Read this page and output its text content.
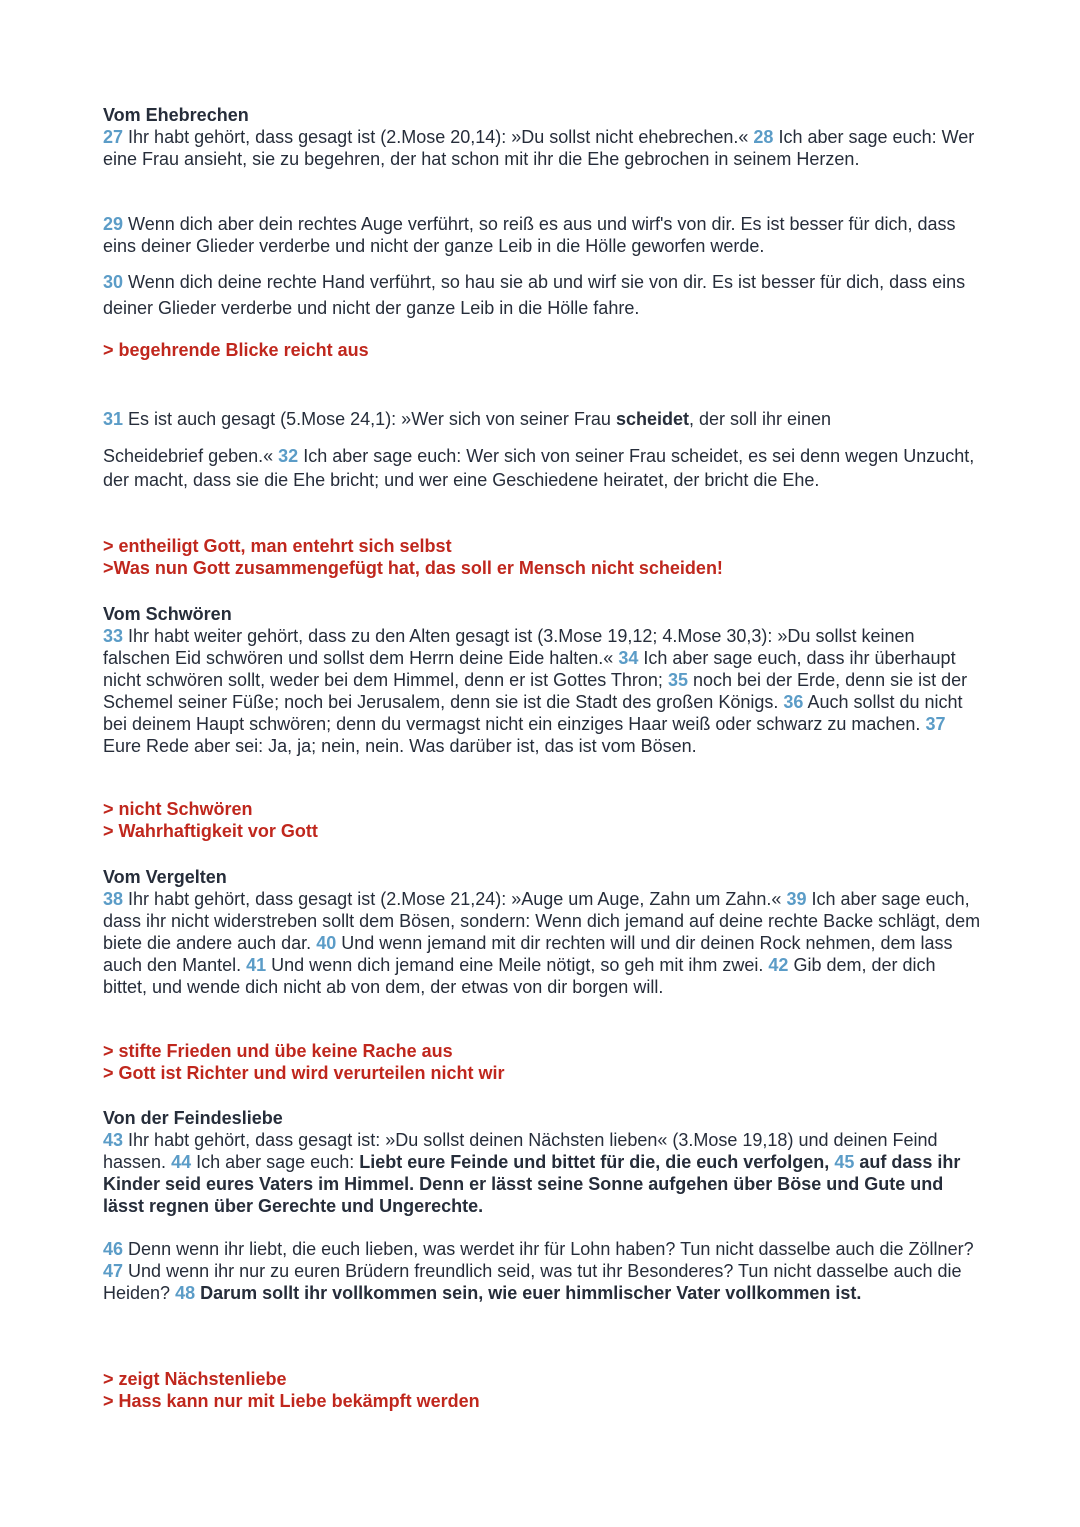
Vom Ehebrechen

27 Ihr habt gehört, dass gesagt ist (2.Mose 20,14): »Du sollst nicht ehebrechen.« 28 Ich aber sage euch: Wer eine Frau ansieht, sie zu begehren, der hat schon mit ihr die Ehe gebrochen in seinem Herzen.

29 Wenn dich aber dein rechtes Auge verführt, so reiß es aus und wirf's von dir. Es ist besser für dich, dass eins deiner Glieder verderbe und nicht der ganze Leib in die Hölle geworfen werde.

30 Wenn dich deine rechte Hand verführt, so hau sie ab und wirf sie von dir. Es ist besser für dich, dass eins deiner Glieder verderbe und nicht der ganze Leib in die Hölle fahre.

> begehrende Blicke reicht aus

31 Es ist auch gesagt (5.Mose 24,1): »Wer sich von seiner Frau scheidet, der soll ihr einen

Scheidebrief geben.« 32 Ich aber sage euch: Wer sich von seiner Frau scheidet, es sei denn wegen Unzucht, der macht, dass sie die Ehe bricht; und wer eine Geschiedene heiratet, der bricht die Ehe.

> entheiligt Gott, man entehrt sich selbst

>Was nun Gott zusammengefügt hat, das soll er Mensch nicht scheiden!

Vom Schwören

33 Ihr habt weiter gehört, dass zu den Alten gesagt ist (3.Mose 19,12; 4.Mose 30,3): »Du sollst keinen falschen Eid schwören und sollst dem Herrn deine Eide halten.« 34 Ich aber sage euch, dass ihr überhaupt nicht schwören sollt, weder bei dem Himmel, denn er ist Gottes Thron; 35 noch bei der Erde, denn sie ist der Schemel seiner Füße; noch bei Jerusalem, denn sie ist die Stadt des großen Königs. 36 Auch sollst du nicht bei deinem Haupt schwören; denn du vermagst nicht ein einziges Haar weiß oder schwarz zu machen. 37 Eure Rede aber sei: Ja, ja; nein, nein. Was darüber ist, das ist vom Bösen.

> nicht Schwören

> Wahrhaftigkeit vor Gott

Vom Vergelten

38 Ihr habt gehört, dass gesagt ist (2.Mose 21,24): »Auge um Auge, Zahn um Zahn.« 39 Ich aber sage euch, dass ihr nicht widerstreben sollt dem Bösen, sondern: Wenn dich jemand auf deine rechte Backe schlägt, dem biete die andere auch dar. 40 Und wenn jemand mit dir rechten will und dir deinen Rock nehmen, dem lass auch den Mantel. 41 Und wenn dich jemand eine Meile nötigt, so geh mit ihm zwei. 42 Gib dem, der dich bittet, und wende dich nicht ab von dem, der etwas von dir borgen will.

> stifte Frieden und übe keine Rache aus

> Gott ist Richter und wird verurteilen nicht wir

Von der Feindesliebe

43 Ihr habt gehört, dass gesagt ist: »Du sollst deinen Nächsten lieben« (3.Mose 19,18) und deinen Feind hassen. 44 Ich aber sage euch: Liebt eure Feinde und bittet für die, die euch verfolgen, 45 auf dass ihr Kinder seid eures Vaters im Himmel. Denn er lässt seine Sonne aufgehen über Böse und Gute und lässt regnen über Gerechte und Ungerechte.

46 Denn wenn ihr liebt, die euch lieben, was werdet ihr für Lohn haben? Tun nicht dasselbe auch die Zöllner? 47 Und wenn ihr nur zu euren Brüdern freundlich seid, was tut ihr Besonderes? Tun nicht dasselbe auch die Heiden? 48 Darum sollt ihr vollkommen sein, wie euer himmlischer Vater vollkommen ist.

> zeigt Nächstenliebe

> Hass kann nur mit Liebe bekämpft werden
